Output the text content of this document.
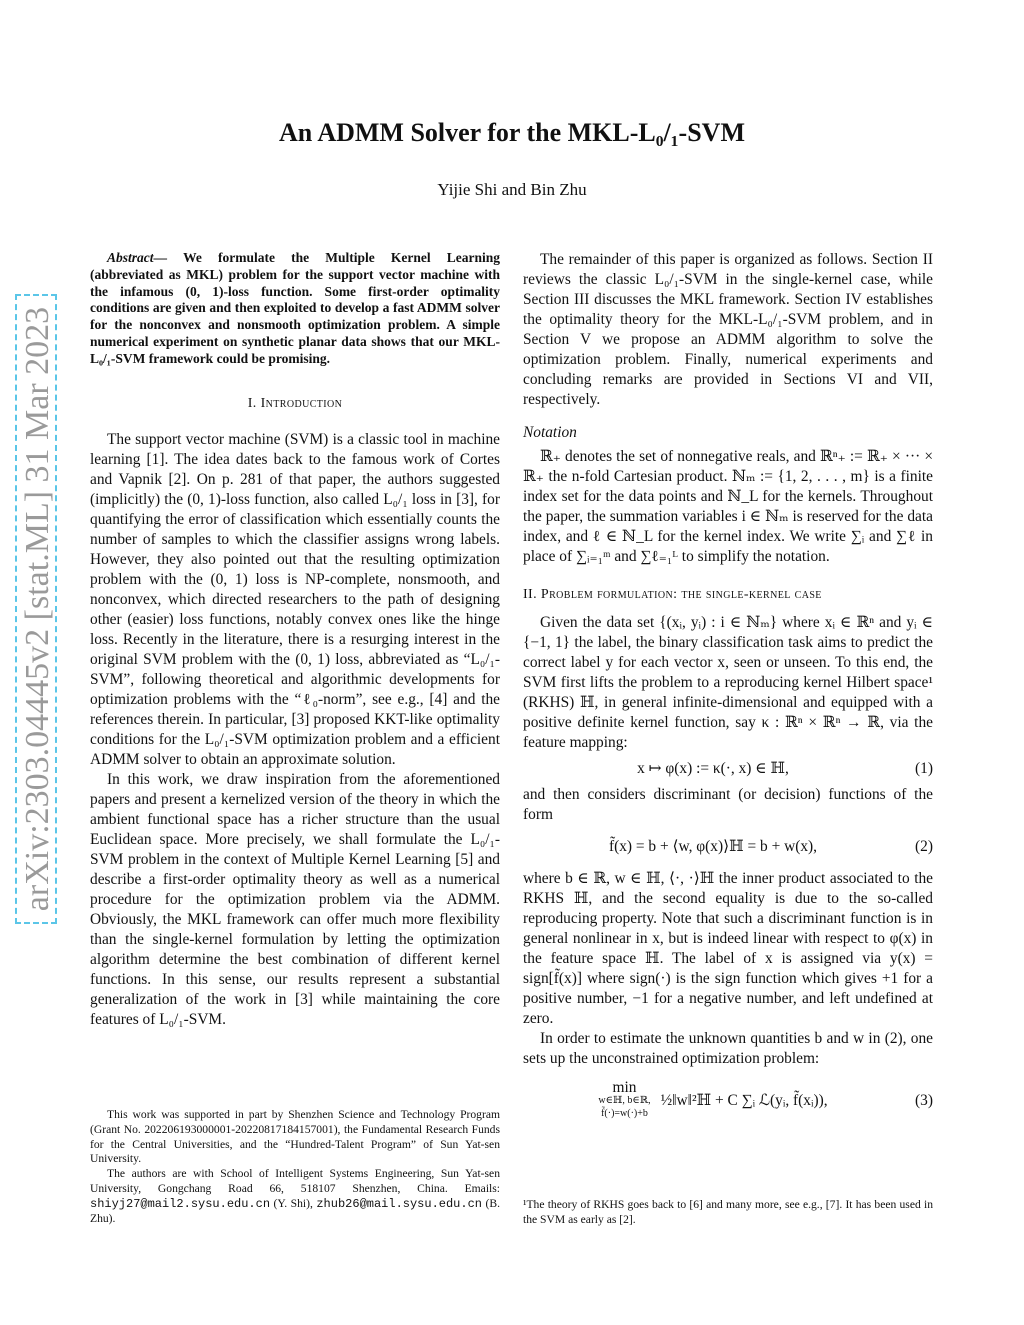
arXiv:2303.04445v2 [stat.ML] 31 Mar 2023
An ADMM Solver for the MKL-L₀/₁-SVM
Yijie Shi and Bin Zhu

Abstract— We formulate the Multiple Kernel Learning (abbreviated as MKL) problem for the support vector machine with the infamous (0, 1)-loss function. Some first-order optimality conditions are given and then exploited to develop a fast ADMM solver for the nonconvex and nonsmooth optimization problem. A simple numerical experiment on synthetic planar data shows that our MKL-L₀/₁-SVM framework could be promising.

I. Introduction

The support vector machine (SVM) is a classic tool in machine learning [1]. The idea dates back to the famous work of Cortes and Vapnik [2]. On p. 281 of that paper, the authors suggested (implicitly) the (0, 1)-loss function, also called L₀/₁ loss in [3], for quantifying the error of classification which essentially counts the number of samples to which the classifier assigns wrong labels. However, they also pointed out that the resulting optimization problem with the (0, 1) loss is NP-complete, nonsmooth, and nonconvex, which directed researchers to the path of designing other (easier) loss functions, notably convex ones like the hinge loss. Recently in the literature, there is a resurging interest in the original SVM problem with the (0, 1) loss, abbreviated as “L₀/₁-SVM”, following theoretical and algorithmic developments for optimization problems with the “ℓ₀-norm”, see e.g., [4] and the references therein. In particular, [3] proposed KKT-like optimality conditions for the L₀/₁-SVM optimization problem and a efficient ADMM solver to obtain an approximate solution.

In this work, we draw inspiration from the aforementioned papers and present a kernelized version of the theory in which the ambient functional space has a richer structure than the usual Euclidean space. More precisely, we shall formulate the L₀/₁-SVM problem in the context of Multiple Kernel Learning [5] and describe a first-order optimality theory as well as a numerical procedure for the optimization problem via the ADMM. Obviously, the MKL framework can offer much more flexibility than the single-kernel formulation by letting the optimization algorithm determine the best combination of different kernel functions. In this sense, our results represent a substantial generalization of the work in [3] while maintaining the core features of L₀/₁-SVM.

This work was supported in part by Shenzhen Science and Technology Program (Grant No. 202206193000001-20220817184157001), the Fundamental Research Funds for the Central Universities, and the “Hundred-Talent Program” of Sun Yat-sen University.

The authors are with School of Intelligent Systems Engineering, Sun Yat-sen University, Gongchang Road 66, 518107 Shenzhen, China. Emails: shiyj27@mail2.sysu.edu.cn (Y. Shi), zhub26@mail.sysu.edu.cn (B. Zhu).

The remainder of this paper is organized as follows. Section II reviews the classic L₀/₁-SVM in the single-kernel case, while Section III discusses the MKL framework. Section IV establishes the optimality theory for the MKL-L₀/₁-SVM problem, and in Section V we propose an ADMM algorithm to solve the optimization problem. Finally, numerical experiments and concluding remarks are provided in Sections VI and VII, respectively.

Notation

ℝ₊ denotes the set of nonnegative reals, and ℝⁿ₊ := ℝ₊ × ··· × ℝ₊ the n-fold Cartesian product. ℕₘ := {1, 2, . . . , m} is a finite index set for the data points and ℕ_L for the kernels. Throughout the paper, the summation variables i ∈ ℕₘ is reserved for the data index, and ℓ ∈ ℕ_L for the kernel index. We write ∑ᵢ and ∑ℓ in place of ∑ᵢ₌₁ᵐ and ∑ℓ₌₁ᴸ to simplify the notation.

II. Problem formulation: the single-kernel case

Given the data set {(xᵢ, yᵢ) : i ∈ ℕₘ} where xᵢ ∈ ℝⁿ and yᵢ ∈ {−1, 1} the label, the binary classification task aims to predict the correct label y for each vector x, seen or unseen. To this end, the SVM first lifts the problem to a reproducing kernel Hilbert space¹ (RKHS) ℍ, in general infinite-dimensional and equipped with a positive definite kernel function, say κ : ℝⁿ × ℝⁿ → ℝ, via the feature mapping:

x ↦ φ(x) := κ(·, x) ∈ ℍ,	(1)

and then considers discriminant (or decision) functions of the form

f̃(x) = b + ⟨w, φ(x)⟩ℍ = b + w(x),	(2)

where b ∈ ℝ, w ∈ ℍ, ⟨·, ·⟩ℍ the inner product associated to the RKHS ℍ, and the second equality is due to the so-called reproducing property. Note that such a discriminant function is in general nonlinear in x, but is indeed linear with respect to φ(x) in the feature space ℍ. The label of x is assigned via y(x) = sign[f̃(x)] where sign(·) is the sign function which gives +1 for a positive number, −1 for a negative number, and left undefined at zero.

In order to estimate the unknown quantities b and w in (2), one sets up the unconstrained optimization problem:

min
w∈ℍ, b∈ℝ,
f̃(·)=w(·)+b
½‖w‖²ℍ + C ∑ᵢ ℒ(yᵢ, f̃(xᵢ)),	(3)

¹The theory of RKHS goes back to [6] and many more, see e.g., [7]. It has been used in the SVM as early as [2].
